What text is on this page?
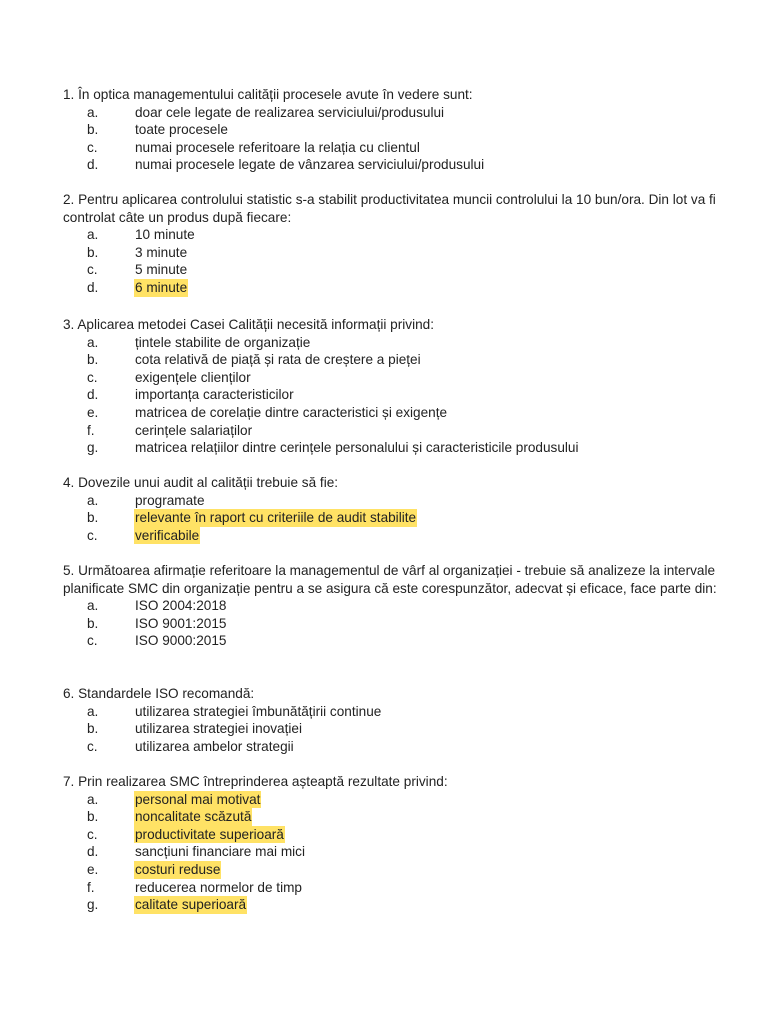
1. În optica managementului calității procesele avute în vedere sunt:

a.	doar cele legate de realizarea serviciului/produsului
b.	toate procesele
c.	numai procesele referitoare la relația cu clientul
d.	numai procesele legate de vânzarea serviciului/produsului

2. Pentru aplicarea controlului statistic s-a stabilit productivitatea muncii controlului la 10 bun/ora. Din lot va fi controlat câte un produs după fiecare:

a.	10 minute
b.	3 minute
c.	5 minute
d.	6 minute

3. Aplicarea metodei Casei Calității necesită informații privind:

a.	țintele stabilite de organizație
b.	cota relativă de piață și rata de creștere a pieței
c.	exigențele clienților
d.	importanța caracteristicilor
e.	matricea de corelație dintre caracteristici și exigențe
f.	cerințele salariaților
g.	matricea relațiilor dintre cerințele personalului și caracteristicile produsului

4. Dovezile unui audit al calității trebuie să fie:

a.	programate
b.	relevante în raport cu criteriile de audit stabilite
c.	verificabile

5. Următoarea afirmație referitoare la managementul de vârf al organizației - trebuie să analizeze la intervale planificate SMC din organizație pentru a se asigura că este corespunzător, adecvat și eficace, face parte din:

a.	ISO 2004:2018
b.	ISO 9001:2015
c.	ISO 9000:2015

6. Standardele ISO recomandă:

a.	utilizarea strategiei îmbunătățirii continue
b.	utilizarea strategiei inovației
c.	utilizarea ambelor strategii

7. Prin realizarea SMC întreprinderea așteaptă rezultate privind:

a.	personal mai motivat
b.	noncalitate scăzută
c.	productivitate superioară
d.	sancțiuni financiare mai mici
e.	costuri reduse
f.	reducerea normelor de timp
g.	calitate superioară
